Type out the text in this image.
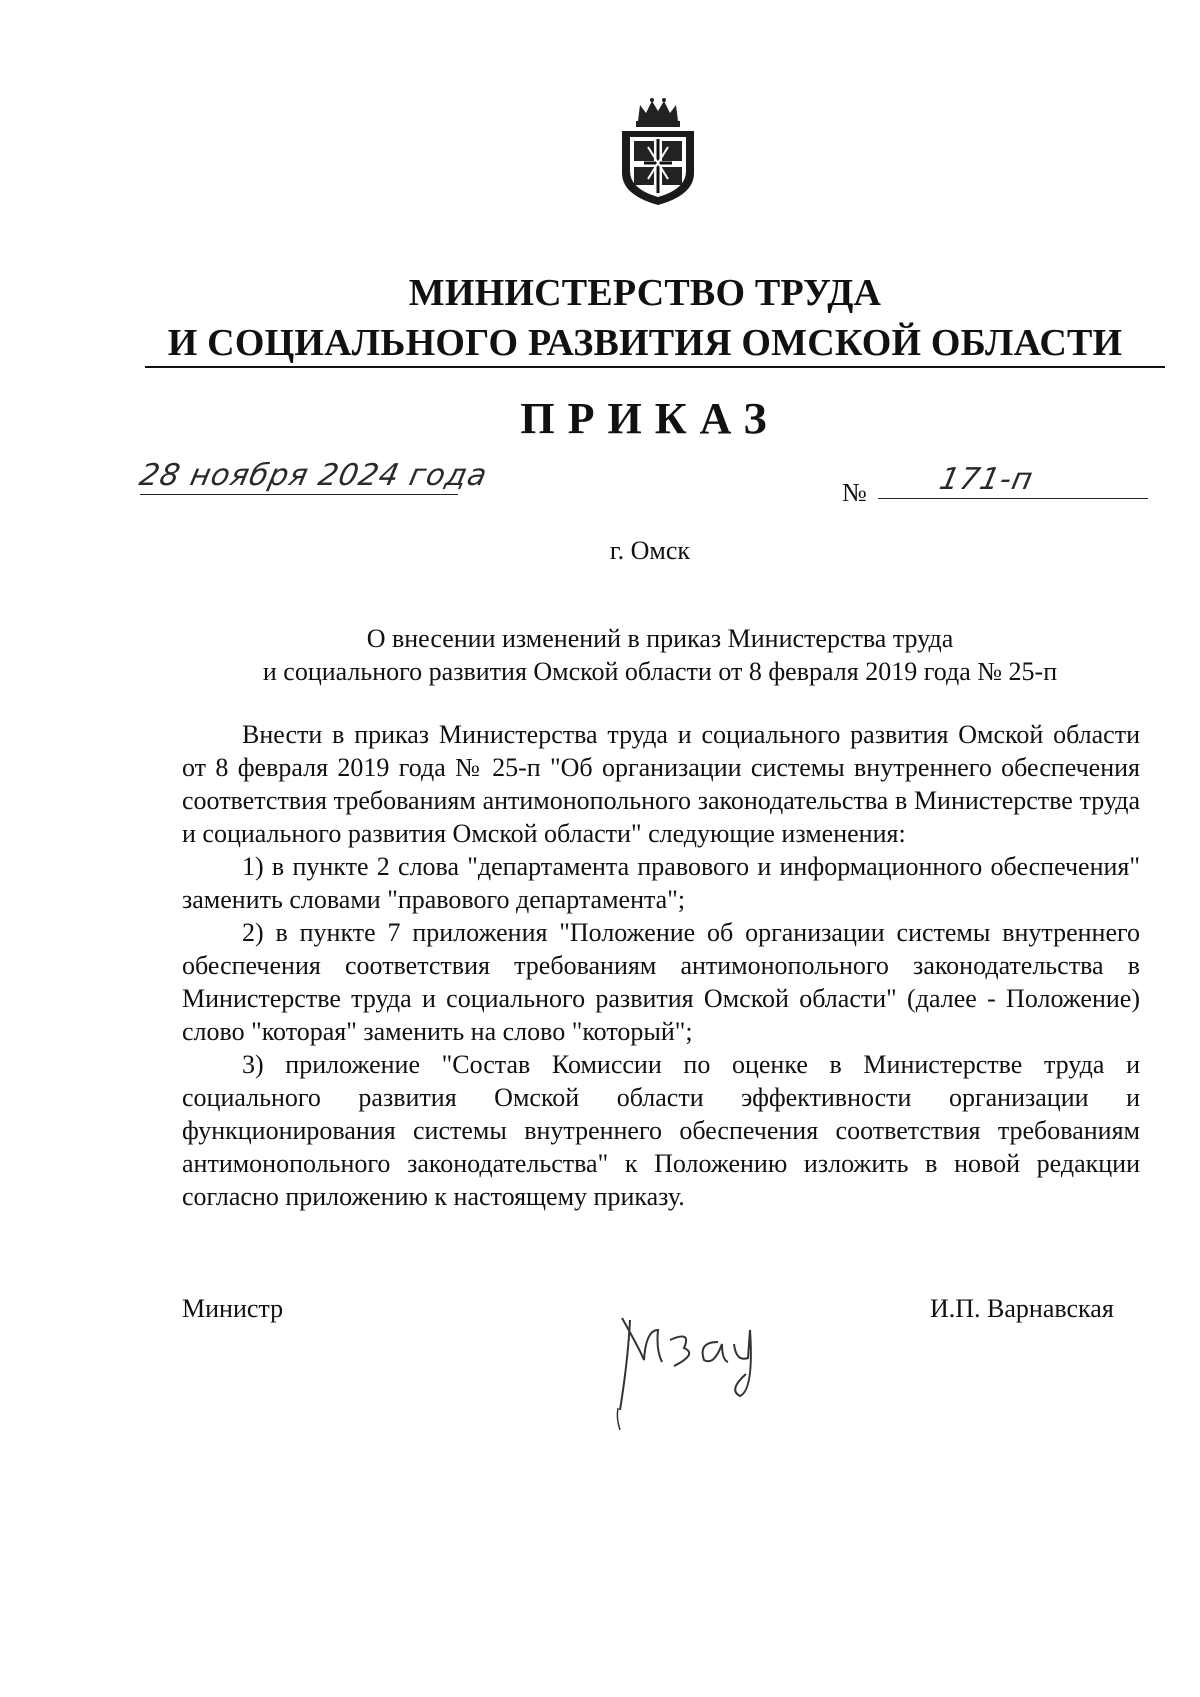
МИНИСТЕРСТВО ТРУДА
И СОЦИАЛЬНОГО РАЗВИТИЯ ОМСКОЙ ОБЛАСТИ
ПРИКАЗ
28 ноября 2024 года	№ 171-п
г. Омск
О внесении изменений в приказ Министерства труда
и социального развития Омской области от 8 февраля 2019 года № 25-п

Внести в приказ Министерства труда и социального развития Омской области от 8 февраля 2019 года № 25-п "Об организации системы внутреннего обеспечения соответствия требованиям антимонопольного законодательства в Министерстве труда и социального развития Омской области" следующие изменения:

1) в пункте 2 слова "департамента правового и информационного обеспечения" заменить словами "правового департамента";

2) в пункте 7 приложения "Положение об организации системы внутреннего обеспечения соответствия требованиям антимонопольного законодательства в Министерстве труда и социального развития Омской области" (далее - Положение) слово "которая" заменить на слово "который";

3) приложение "Состав Комиссии по оценке в Министерстве труда и социального развития Омской области эффективности организации и функционирования системы внутреннего обеспечения соответствия требованиям антимонопольного законодательства" к Положению изложить в новой редакции согласно приложению к настоящему приказу.

Министр	И.П. Варнавская
